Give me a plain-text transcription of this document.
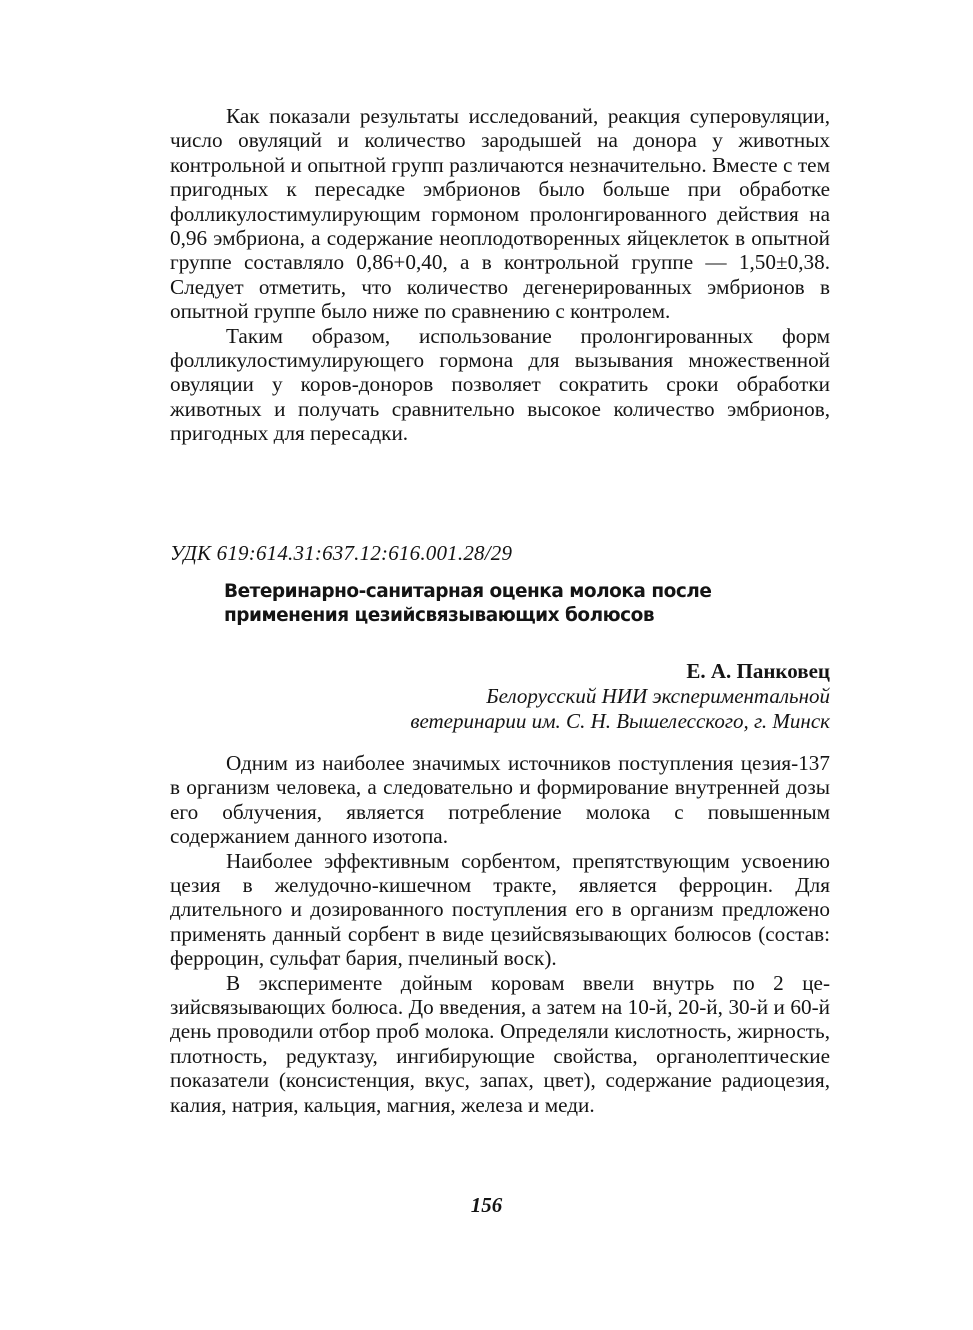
Как показали результаты исследований, реакция суперовуляции, число овуляций и количество зародышей на донора у животных контрольной и опытной групп различаются незначительно. Вместе с тем пригодных к пересадке эмбрионов было больше при обработке фолликулостимулирующим гормоном пролонгированного действия на 0,96 эмбриона, а содержание неоплодотворенных яйцеклеток в опытной группе составляло 0,86+0,40, а в контрольной группе — 1,50±0,38. Следует отметить, что количество дегенерированных эмбрионов в опытной группе было ниже по сравнению с контролем.

Таким образом, использование пролонгированных форм фолликулостимулирующего гормона для вызывания множественной овуляции у коров-доноров позволяет сократить сроки обработки животных и получать сравнительно высокое количество эмбрионов, пригодных для пересадки.

УДК 619:614.31:637.12:616.001.28/29

Ветеринарно-санитарная оценка молока после применения цезийсвязывающих болюсов

Е. А. Панковец

Белорусский НИИ экспериментальной
ветеринарии им. С. Н. Вышелесского, г. Минск

Одним из наиболее значимых источников поступления цезия-137 в организм человека, а следовательно и формирование внутренней дозы его облучения, является потребление молока с повышенным содержанием данного изотопа.

Наиболее эффективным сорбентом, препятствующим усвоению цезия в желудочно-кишечном тракте, является ферроцин. Для длительного и дозированного поступления его в организм предложено применять данный сорбент в виде цезийсвязывающих болюсов (состав: ферроцин, сульфат бария, пчелиный воск).

В эксперименте дойным коровам ввели внутрь по 2 цезийсвязывающих болюса. До введения, а затем на 10-й, 20-й, 30-й и 60-й день проводили отбор проб молока. Определяли кислотность, жирность, плотность, редуктазу, ингибирующие свойства, органолептические показатели (консистенция, вкус, запах, цвет), содержание радиоцезия, калия, натрия, кальция, магния, железа и меди.

156
